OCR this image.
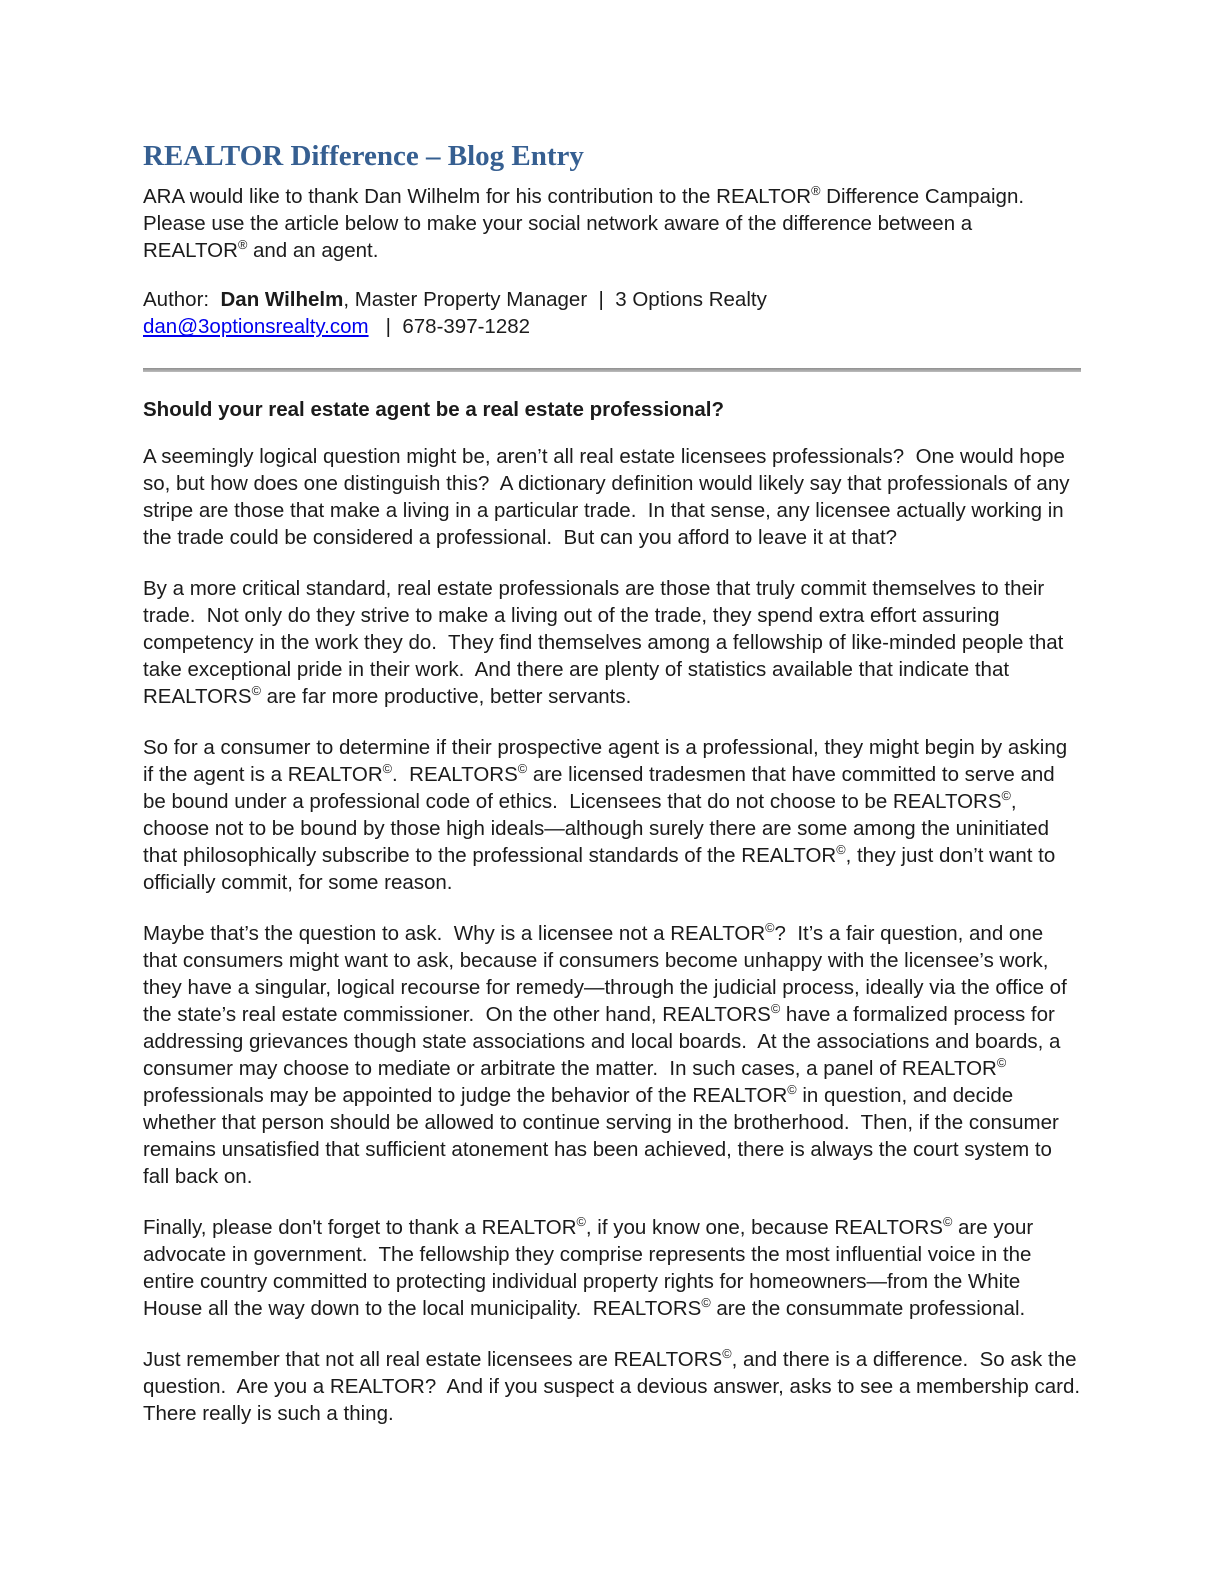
REALTOR Difference – Blog Entry

ARA would like to thank Dan Wilhelm for his contribution to the REALTOR® Difference Campaign.  Please use the article below to make your social network aware of the difference between a REALTOR® and an agent.

Author:  Dan Wilhelm, Master Property Manager  |  3 Options Realty
dan@3optionsrealty.com   |  678-397-1282

Should your real estate agent be a real estate professional?

A seemingly logical question might be, aren’t all real estate licensees professionals?  One would hope so, but how does one distinguish this?  A dictionary definition would likely say that professionals of any stripe are those that make a living in a particular trade.  In that sense, any licensee actually working in the trade could be considered a professional.  But can you afford to leave it at that?

By a more critical standard, real estate professionals are those that truly commit themselves to their trade.  Not only do they strive to make a living out of the trade, they spend extra effort assuring competency in the work they do.  They find themselves among a fellowship of like-minded people that take exceptional pride in their work.  And there are plenty of statistics available that indicate that REALTORS© are far more productive, better servants.

So for a consumer to determine if their prospective agent is a professional, they might begin by asking if the agent is a REALTOR©.  REALTORS© are licensed tradesmen that have committed to serve and be bound under a professional code of ethics.  Licensees that do not choose to be REALTORS©, choose not to be bound by those high ideals—although surely there are some among the uninitiated that philosophically subscribe to the professional standards of the REALTOR©, they just don’t want to officially commit, for some reason.

Maybe that’s the question to ask.  Why is a licensee not a REALTOR©?  It’s a fair question, and one that consumers might want to ask, because if consumers become unhappy with the licensee’s work, they have a singular, logical recourse for remedy—through the judicial process, ideally via the office of the state’s real estate commissioner.  On the other hand, REALTORS© have a formalized process for addressing grievances though state associations and local boards.  At the associations and boards, a consumer may choose to mediate or arbitrate the matter.  In such cases, a panel of REALTOR© professionals may be appointed to judge the behavior of the REALTOR© in question, and decide whether that person should be allowed to continue serving in the brotherhood.  Then, if the consumer remains unsatisfied that sufficient atonement has been achieved, there is always the court system to fall back on.

Finally, please don't forget to thank a REALTOR©, if you know one, because REALTORS© are your advocate in government.  The fellowship they comprise represents the most influential voice in the entire country committed to protecting individual property rights for homeowners—from the White House all the way down to the local municipality.  REALTORS© are the consummate professional.

Just remember that not all real estate licensees are REALTORS©, and there is a difference.  So ask the question.  Are you a REALTOR?  And if you suspect a devious answer, asks to see a membership card.  There really is such a thing.
